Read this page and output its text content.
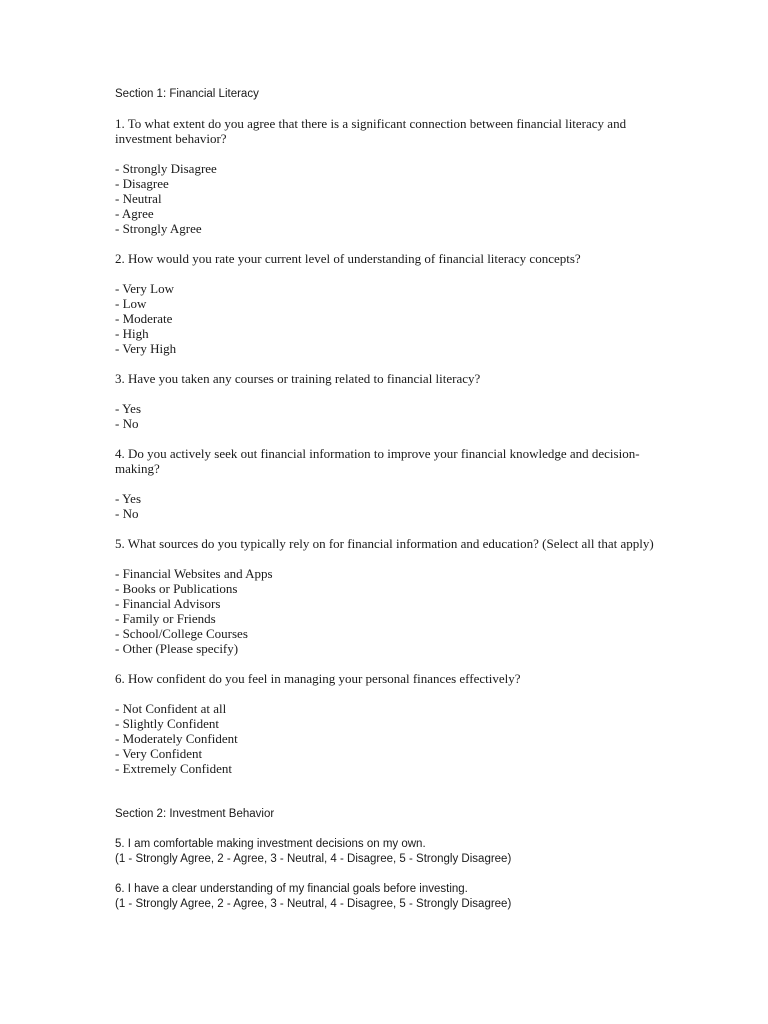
Section 1: Financial Literacy
1. To what extent do you agree that there is a significant connection between financial literacy and investment behavior?
- Strongly Disagree
- Disagree
- Neutral
- Agree
- Strongly Agree
2. How would you rate your current level of understanding of financial literacy concepts?
- Very Low
- Low
- Moderate
- High
- Very High
3. Have you taken any courses or training related to financial literacy?
- Yes
- No
4. Do you actively seek out financial information to improve your financial knowledge and decision-making?
- Yes
- No
5. What sources do you typically rely on for financial information and education? (Select all that apply)
- Financial Websites and Apps
- Books or Publications
- Financial Advisors
- Family or Friends
- School/College Courses
- Other (Please specify)
6. How confident do you feel in managing your personal finances effectively?
- Not Confident at all
- Slightly Confident
- Moderately Confident
- Very Confident
- Extremely Confident
Section 2: Investment Behavior
5. I am comfortable making investment decisions on my own.
(1 - Strongly Agree, 2 - Agree, 3 - Neutral, 4 - Disagree, 5 - Strongly Disagree)
6. I have a clear understanding of my financial goals before investing.
(1 - Strongly Agree, 2 - Agree, 3 - Neutral, 4 - Disagree, 5 - Strongly Disagree)
